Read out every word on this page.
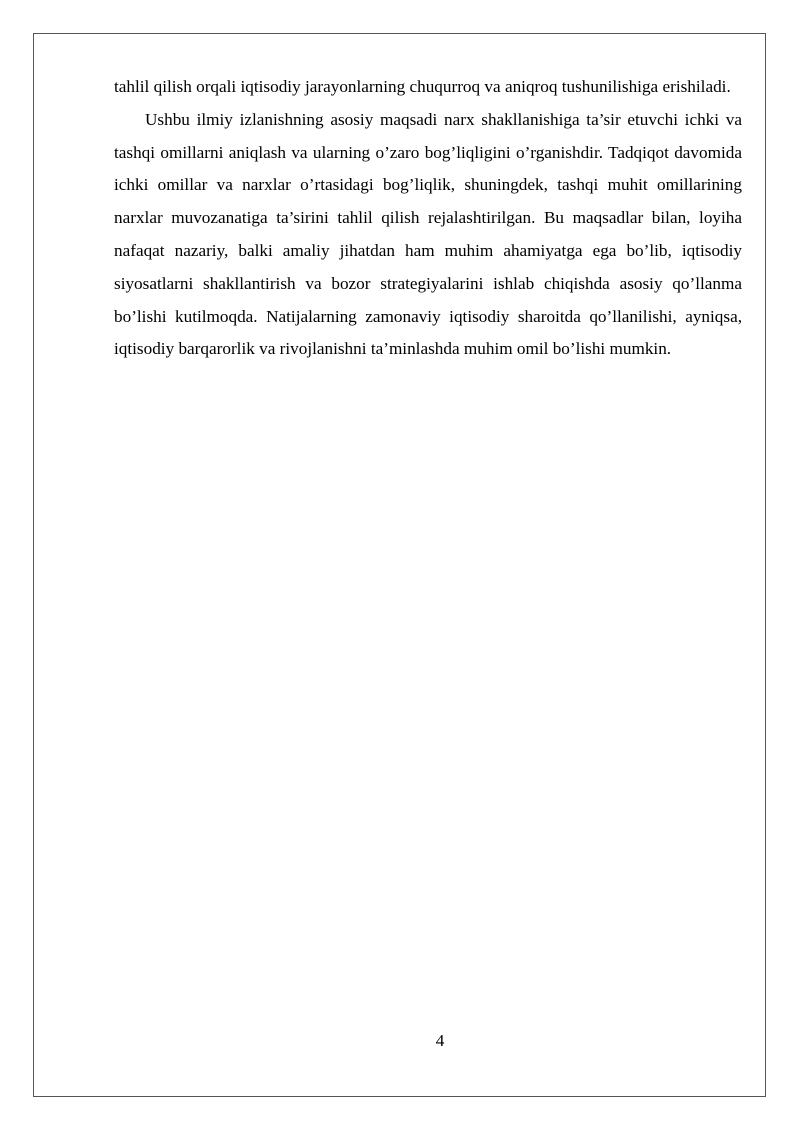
tahlil qilish orqali iqtisodiy jarayonlarning chuqurroq va aniqroq tushunilishiga erishiladi.

Ushbu ilmiy izlanishning asosiy maqsadi narx shakllanishiga ta’sir etuvchi ichki va tashqi omillarni aniqlash va ularning o’zaro bog’liqligini o’rganishdir. Tadqiqot davomida ichki omillar va narxlar o’rtasidagi bog’liqlik, shuningdek, tashqi muhit omillarining narxlar muvozanatiga ta’sirini tahlil qilish rejalashtirilgan. Bu maqsadlar bilan, loyiha nafaqat nazariy, balki amaliy jihatdan ham muhim ahamiyatga ega bo’lib, iqtisodiy siyosatlarni shakllantirish va bozor strategiyalarini ishlab chiqishda asosiy qo’llanma bo’lishi kutilmoqda. Natijalarning zamonaviy iqtisodiy sharoitda qo’llanilishi, ayniqsa, iqtisodiy barqarorlik va rivojlanishni ta’minlashda muhim omil bo’lishi mumkin.

4
